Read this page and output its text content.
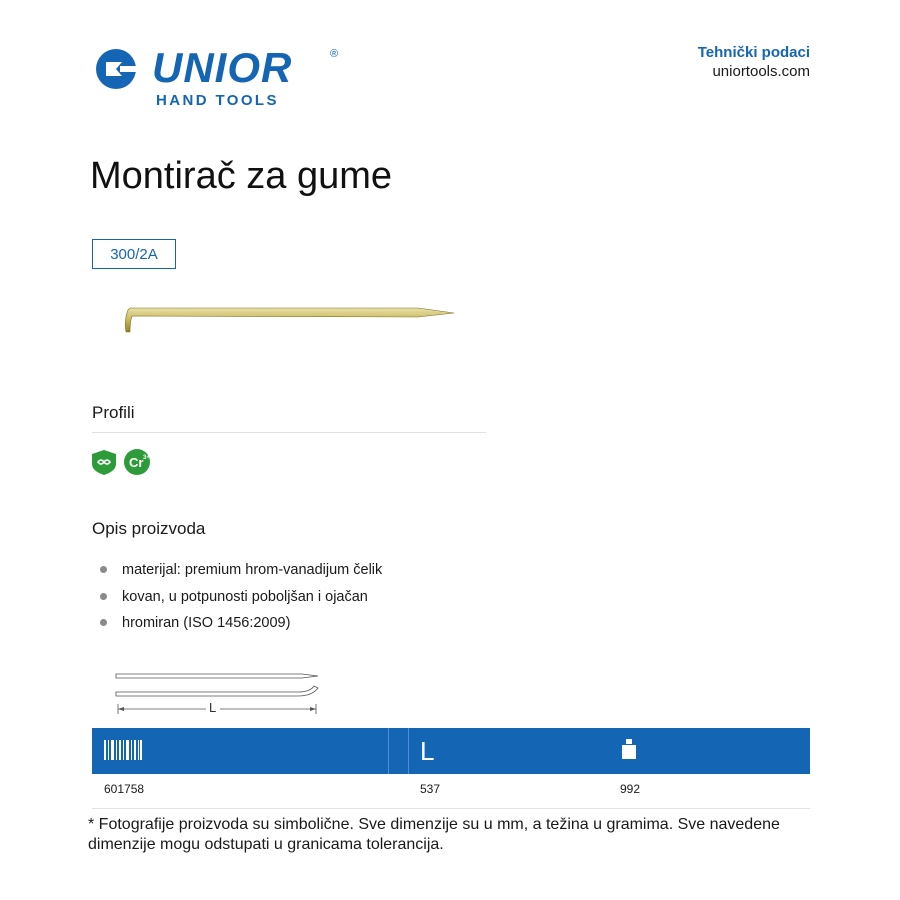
UNIOR	®
HAND TOOLS
Tehnički podaci
uniortools.com
Montirač za gume
300/2A
Profili
Cr 3+
Opis proizvoda
materijal: premium hrom-vanadijum čelik
kovan, u potpunosti poboljšan i ojačan
hromiran (ISO 1456:2009)
L
L
601758	537	992
* Fotografije proizvoda su simbolične. Sve dimenzije su u mm, a težina u gramima. Sve navedene dimenzije mogu odstupati u granicama tolerancija.
